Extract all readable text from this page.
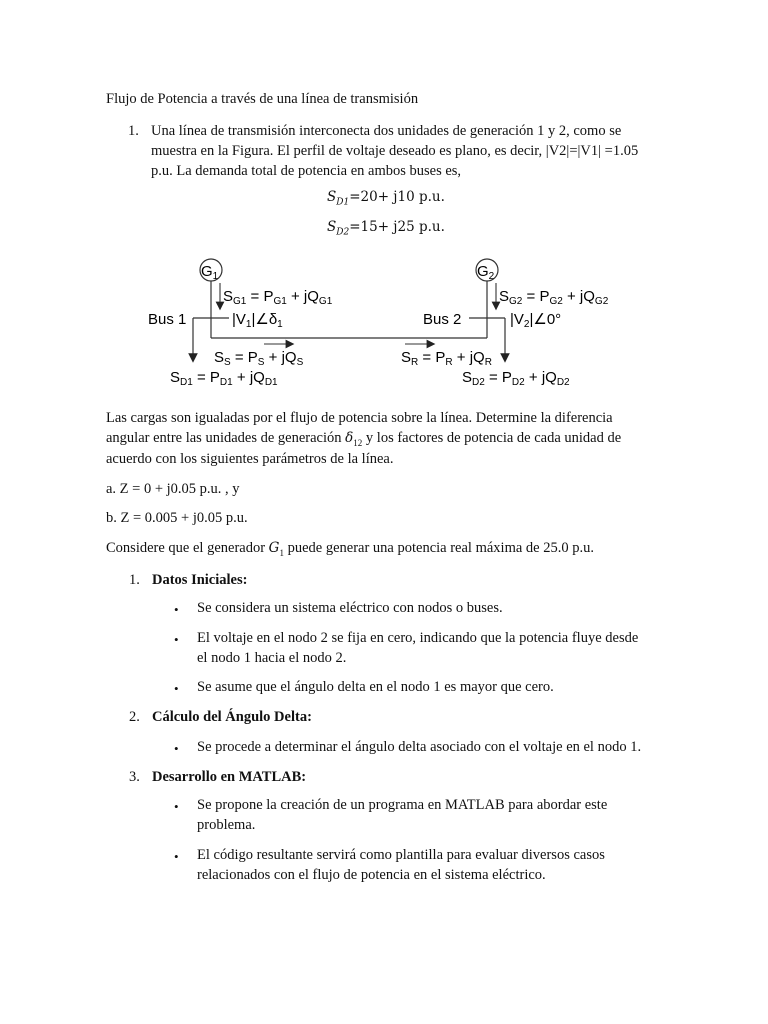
Flujo de Potencia a través de una línea de transmisión
1. Una línea de transmisión interconecta dos unidades de generación 1 y 2, como se
muestra en la Figura. El perfil de voltaje deseado es plano, es decir, |V2|=|V1| =1.05
p.u. La demanda total de potencia en ambos buses es,
$S_{D1}=20+ j10$ p.u.
$S_{D2}=15+ j25$ p.u.
$G_1$	$G_2$
$S_{G1} = P_{G1} + jQ_{G1}$	$S_{G2} = P_{G2} + jQ_{G2}$
Bus 1	Bus 2
$|V_1|\angle\delta_1$	$|V_2|\angle 0^\circ$
$S_S = P_S + jQ_S$	$S_R = P_R + jQ_R$
$S_{D1} = P_{D1} + jQ_{D1}$	$S_{D2} = P_{D2} + jQ_{D2}$
Las cargas son igualadas por el flujo de potencia sobre la línea. Determine la diferencia
angular entre las unidades de generación $\delta_{12}$ y los factores de potencia de cada unidad de
acuerdo con los siguientes parámetros de la línea.
a. Z = 0 + j0.05 p.u. , y
b. Z = 0.005 + j0.05 p.u.
Considere que el generador $G_1$ puede generar una potencia real máxima de 25.0 p.u.
1. Datos Iniciales:
• Se considera un sistema eléctrico con nodos o buses.
• El voltaje en el nodo 2 se fija en cero, indicando que la potencia fluye desde
el nodo 1 hacia el nodo 2.
• Se asume que el ángulo delta en el nodo 1 es mayor que cero.
2. Cálculo del Ángulo Delta:
• Se procede a determinar el ángulo delta asociado con el voltaje en el nodo 1.
3. Desarrollo en MATLAB:
• Se propone la creación de un programa en MATLAB para abordar este
problema.
• El código resultante servirá como plantilla para evaluar diversos casos
relacionados con el flujo de potencia en el sistema eléctrico.
